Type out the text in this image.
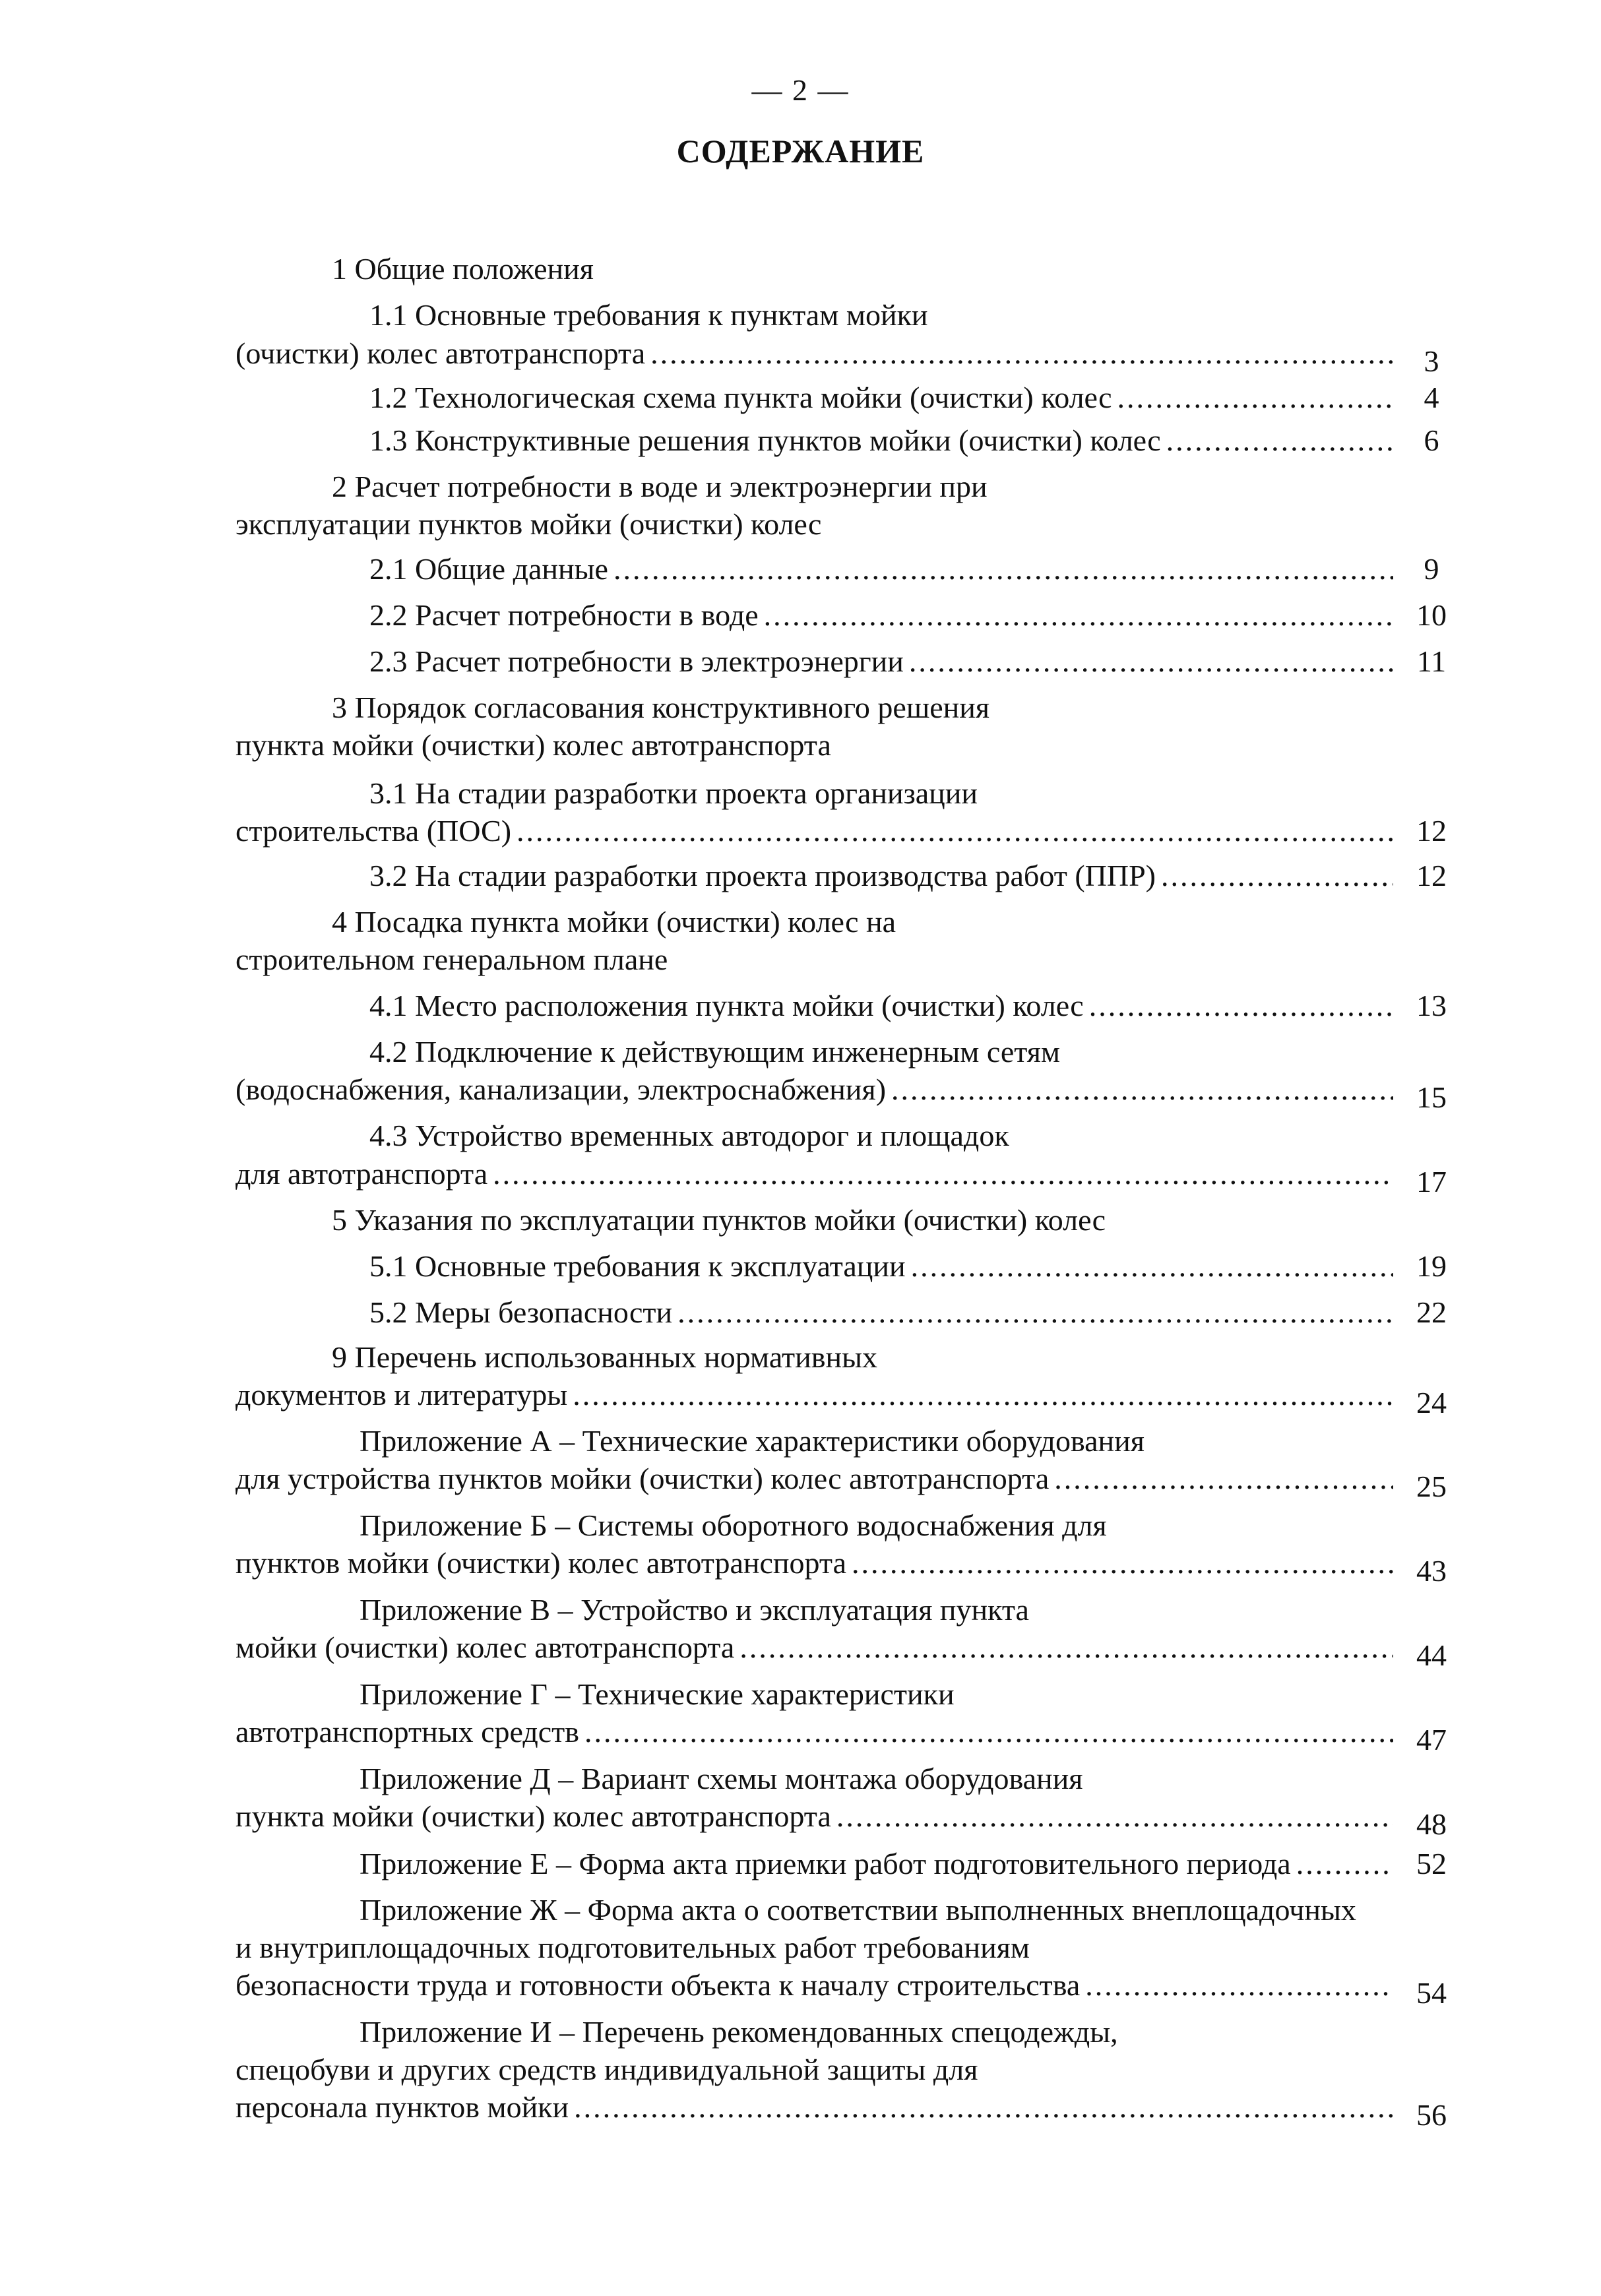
— 2 —
СОДЕРЖАНИЕ
1 Общие положения
1.1 Основные требования к пунктам мойки
(очистки) колес автотранспорта .....	3
1.2 Технологическая схема пункта мойки (очистки) колес .....	4
1.3 Конструктивные решения пунктов мойки (очистки) колес .....	6
2 Расчет потребности в воде и электроэнергии при
эксплуатации пунктов мойки (очистки) колес
2.1 Общие данные .....	9
2.2 Расчет потребности в воде .....	10
2.3 Расчет потребности в электроэнергии .....	11
3 Порядок согласования конструктивного решения
пункта мойки (очистки) колес автотранспорта
3.1 На стадии разработки проекта организации
строительства (ПОС) .....	12
3.2 На стадии разработки проекта производства работ (ППР) .....	12
4 Посадка пункта мойки (очистки) колес на
строительном генеральном плане
4.1 Место расположения пункта мойки (очистки) колес .....	13
4.2 Подключение к действующим инженерным сетям
(водоснабжения, канализации, электроснабжения) .....	15
4.3 Устройство временных автодорог и площадок
для автотранспорта .....	17
5 Указания по эксплуатации пунктов мойки (очистки) колес
5.1 Основные требования к эксплуатации .....	19
5.2 Меры безопасности .....	22
9 Перечень использованных нормативных
документов и литературы .....	24
Приложение А – Технические характеристики оборудования
для устройства пунктов мойки (очистки) колес автотранспорта .....	25
Приложение Б – Системы оборотного водоснабжения для
пунктов мойки (очистки) колес автотранспорта .....	43
Приложение В – Устройство и эксплуатация пункта
мойки (очистки) колес автотранспорта .....	44
Приложение Г – Технические характеристики
автотранспортных средств .....	47
Приложение Д – Вариант схемы монтажа оборудования
пункта мойки (очистки) колес автотранспорта .....	48
Приложение Е – Форма акта приемки работ подготовительного периода .....	52
Приложение Ж – Форма акта о соответствии выполненных внеплощадочных
и внутриплощадочных подготовительных работ требованиям
безопасности труда и готовности объекта к началу строительства .....	54
Приложение И – Перечень рекомендованных спецодежды,
спецобуви и других средств индивидуальной защиты для
персонала пунктов мойки .....	56
